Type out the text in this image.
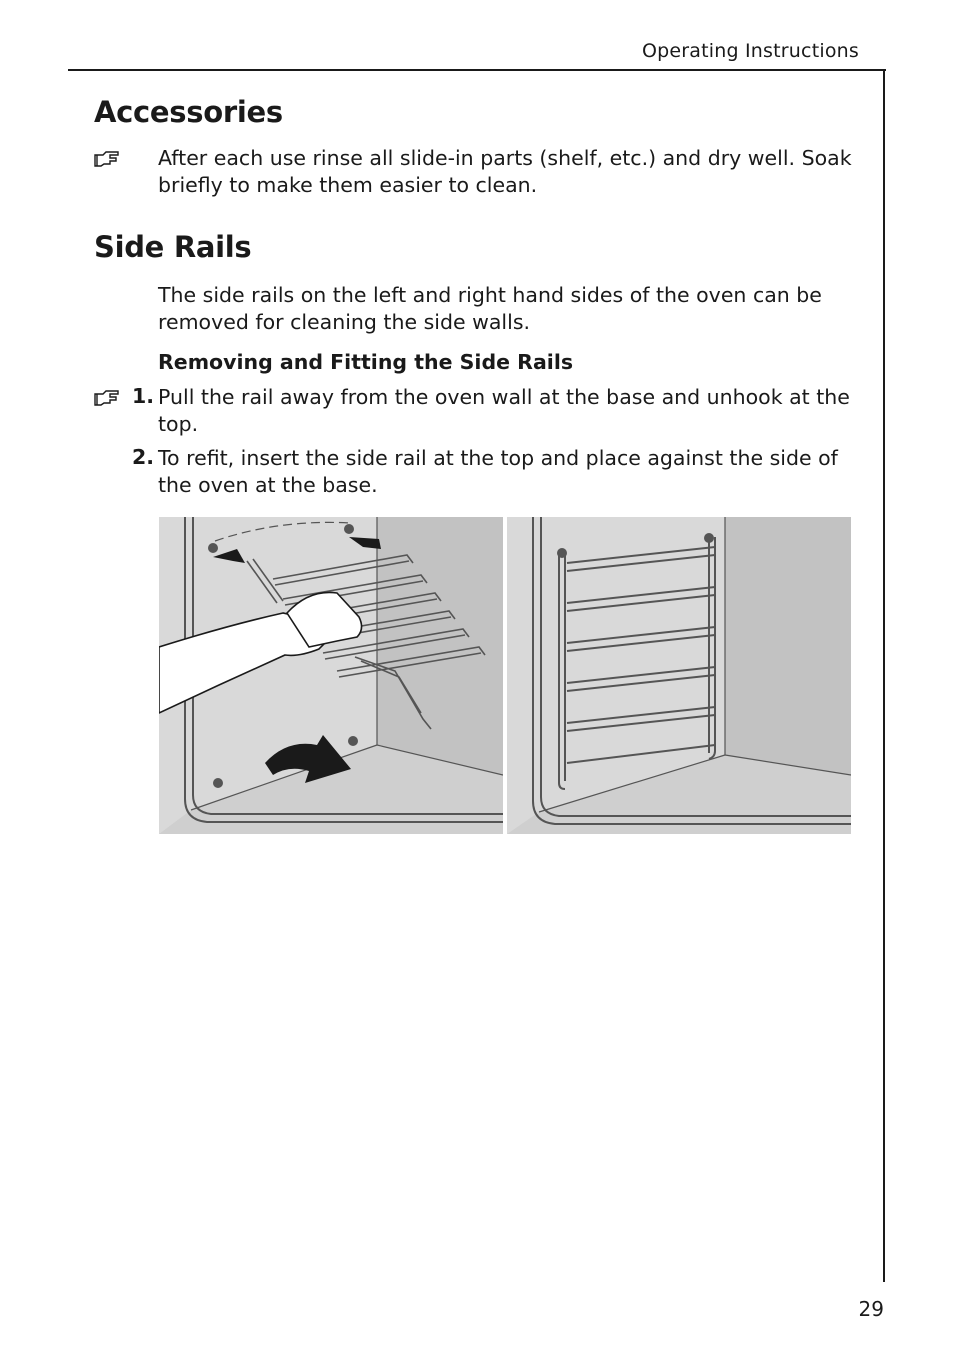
Operating Instructions
Accessories

After each use rinse all slide-in parts (shelf, etc.) and dry well. Soak briefly to make them easier to clean.

Side Rails

The side rails on the left and right hand sides of the oven can be removed for cleaning the side walls.

Removing and Fitting the Side Rails
1. Pull the rail away from the oven wall at the base and unhook at the top.

2. To refit, insert the side rail at the top and place against the side of the oven at the base.

29
